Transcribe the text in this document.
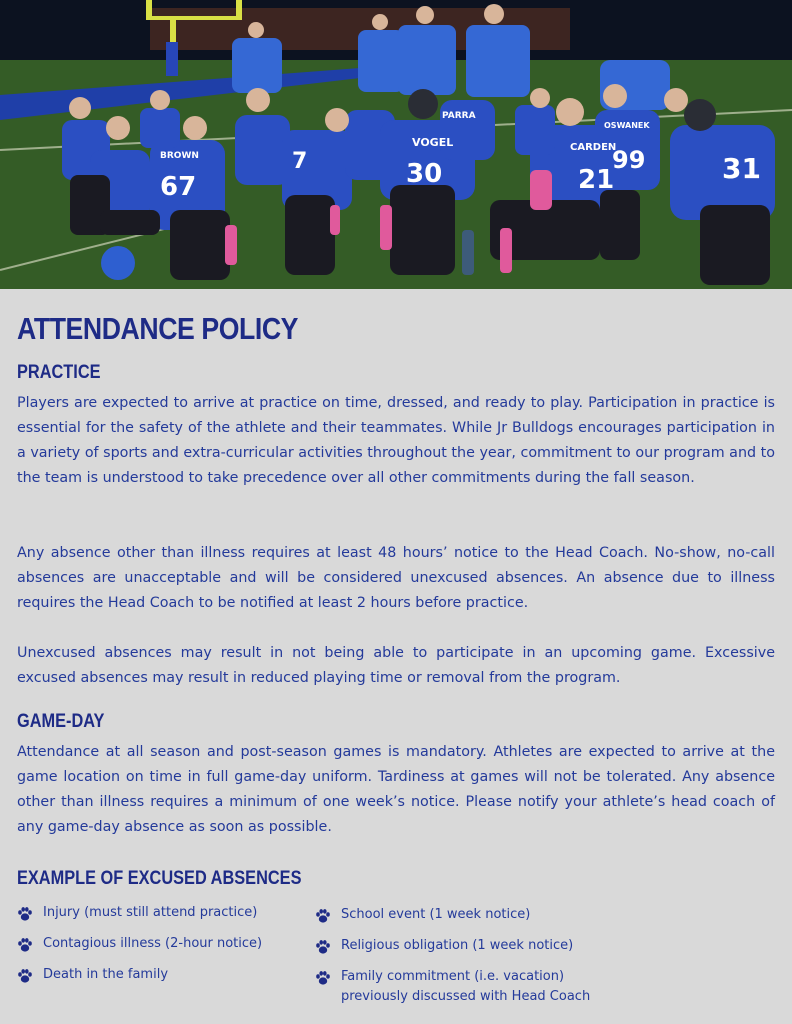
67
7	30	21
99	31
VOGEL	CARDEN
PARRA
BROWN
OSWANEK
ATTENDANCE POLICY
PRACTICE
Players are expected to arrive at practice on time, dressed, and ready to play. Participation in practice is essential for the safety of the athlete and their teammates. While Jr Bulldogs encourages participation in a variety of sports and extra-curricular activities throughout the year, commitment to our program and to the team is understood to take precedence over all other commitments during the fall season.
Any absence other than illness requires at least 48 hours’ notice to the Head Coach. No-show, no-call absences are unacceptable and will be considered unexcused absences. An absence due to illness requires the Head Coach to be notified at least 2 hours before practice.
Unexcused absences may result in not being able to participate in an upcoming game. Excessive excused absences may result in reduced playing time or removal from the program.
GAME-DAY
Attendance at all season and post-season games is mandatory. Athletes are expected to arrive at the game location on time in full game-day uniform. Tardiness at games will not be tolerated. Any absence other than illness requires a minimum of one week’s notice. Please notify your athlete’s head coach of any game-day absence as soon as possible.
EXAMPLE OF EXCUSED ABSENCES
Injury (must still attend practice)
Contagious illness (2-hour notice)
Death in the family
School event (1 week notice)
Religious obligation (1 week notice)
Family commitment (i.e. vacation) previously discussed with Head Coach
